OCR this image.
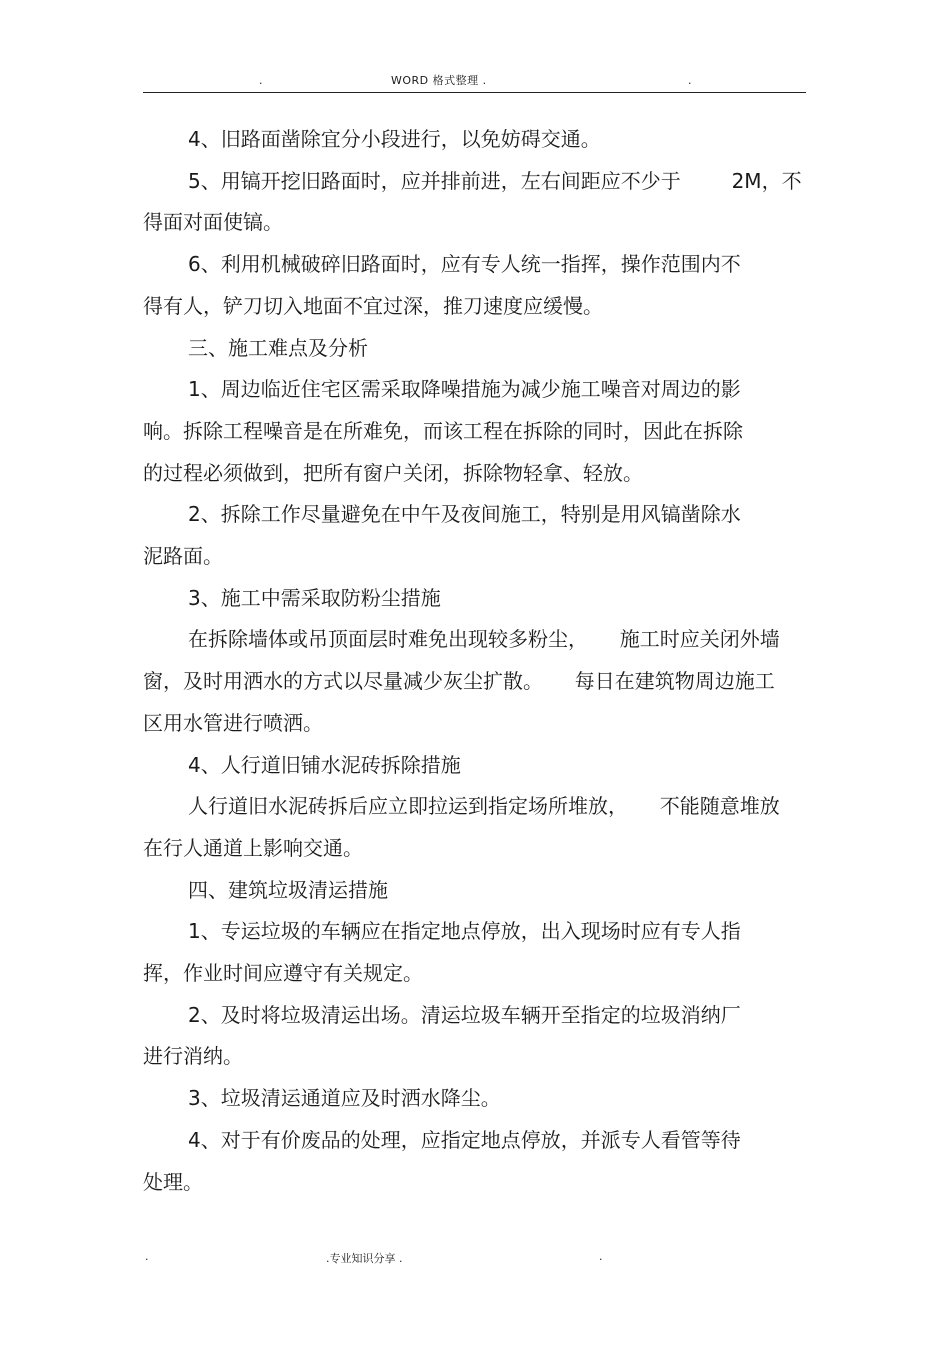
.	WORD 格式整理 .	.
4、旧路面凿除宜分小段进行，以免妨碍交通。
5、用镐开挖旧路面时，应并排前进，左右间距应不少于        2M，不
得面对面使镐。
6、利用机械破碎旧路面时，应有专人统一指挥，操作范围内不
得有人，铲刀切入地面不宜过深，推刀速度应缓慢。
三、施工难点及分析
1、周边临近住宅区需采取降噪措施为减少施工噪音对周边的影
响。拆除工程噪音是在所难免，而该工程在拆除的同时，因此在拆除
的过程必须做到，把所有窗户关闭，拆除物轻拿、轻放。
2、拆除工作尽量避免在中午及夜间施工，特别是用风镐凿除水
泥路面。
3、施工中需采取防粉尘措施
在拆除墙体或吊顶面层时难免出现较多粉尘，     施工时应关闭外墙
窗，及时用洒水的方式以尽量减少灰尘扩散。     每日在建筑物周边施工
区用水管进行喷洒。
4、人行道旧铺水泥砖拆除措施
人行道旧水泥砖拆后应立即拉运到指定场所堆放，     不能随意堆放
在行人通道上影响交通。
四、建筑垃圾清运措施
1、专运垃圾的车辆应在指定地点停放，出入现场时应有专人指
挥，作业时间应遵守有关规定。
2、及时将垃圾清运出场。清运垃圾车辆开至指定的垃圾消纳厂
进行消纳。
3、垃圾清运通道应及时洒水降尘。
4、对于有价废品的处理，应指定地点停放，并派专人看管等待
处理。
.	.专业知识分享 .	.
